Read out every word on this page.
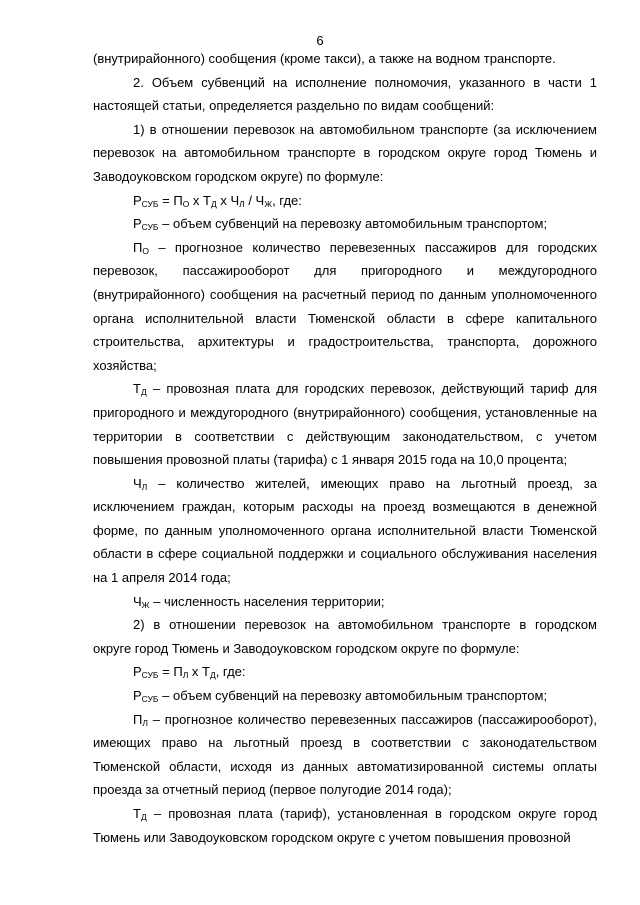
6

(внутрирайонного) сообщения (кроме такси), а также на водном транспорте.

2. Объем субвенций на исполнение полномочия, указанного в части 1 настоящей статьи, определяется раздельно по видам сообщений:

1) в отношении перевозок на автомобильном транспорте (за исключением перевозок на автомобильном транспорте в городском округе город Тюмень и Заводоуковском городском округе) по формуле:

$Р_{СУБ} = П_О$ x $Т_Д$ x $Ч_Л / Ч_Ж$, где:

$Р_{СУБ}$ – объем субвенций на перевозку автомобильным транспортом;

$П_О$ – прогнозное количество перевезенных пассажиров для городских перевозок, пассажирооборот для пригородного и междугородного (внутрирайонного) сообщения на расчетный период по данным уполномоченного органа исполнительной власти Тюменской области в сфере капитального строительства, архитектуры и градостроительства, транспорта, дорожного хозяйства;

$Т_Д$ – провозная плата для городских перевозок, действующий тариф для пригородного и междугородного (внутрирайонного) сообщения, установленные на территории в соответствии с действующим законодательством, с учетом повышения провозной платы (тарифа) с 1 января 2015 года на 10,0 процента;

$Ч_Л$ – количество жителей, имеющих право на льготный проезд, за исключением граждан, которым расходы на проезд возмещаются в денежной форме, по данным уполномоченного органа исполнительной власти Тюменской области в сфере социальной поддержки и социального обслуживания населения на 1 апреля 2014 года;

$Ч_Ж$ – численность населения территории;

2) в отношении перевозок на автомобильном транспорте в городском округе город Тюмень и Заводоуковском городском округе по формуле:

$Р_{СУБ} = П_Л$ x $Т_Д$, где:

$Р_{СУБ}$ – объем субвенций на перевозку автомобильным транспортом;

$П_Л$ – прогнозное количество перевезенных пассажиров (пассажирооборот), имеющих право на льготный проезд в соответствии с законодательством Тюменской области, исходя из данных автоматизированной системы оплаты проезда за отчетный период (первое полугодие 2014 года);

$Т_Д$ – провозная плата (тариф), установленная в городском округе город Тюмень или Заводоуковском городском округе с учетом повышения провозной
